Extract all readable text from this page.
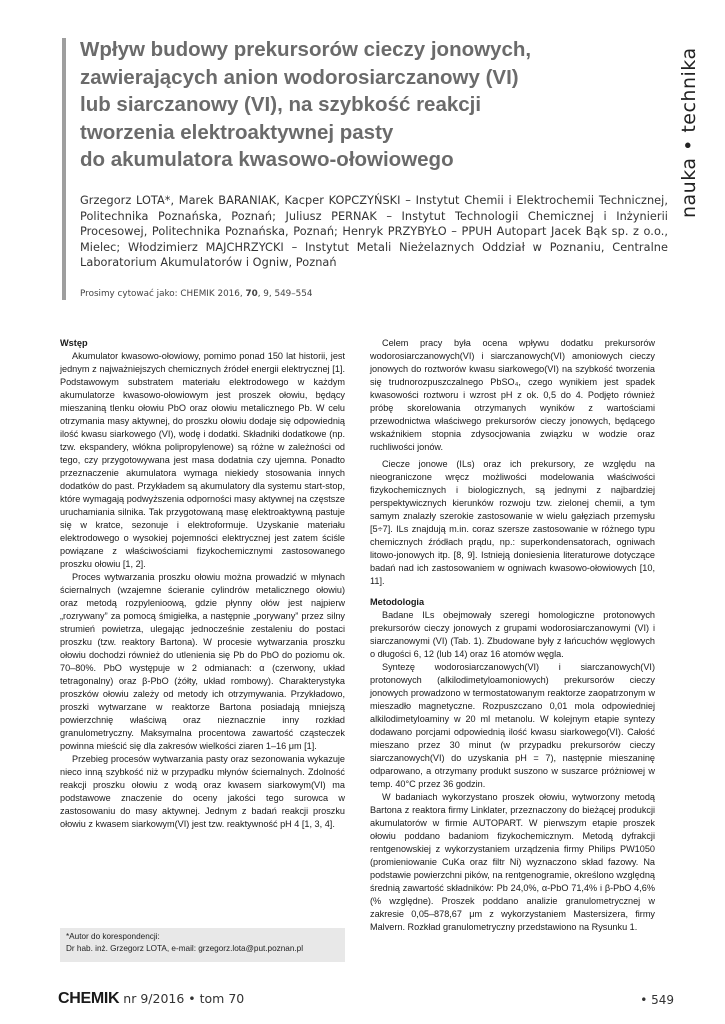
nauka • technika
Wpływ budowy prekursorów cieczy jonowych,
zawierających anion wodorosiarczanowy (VI)
lub siarczanowy (VI), na szybkość reakcji
tworzenia elektroaktywnej pasty
do akumulatora kwasowo-ołowiowego
Grzegorz LOTA*, Marek BARANIAK, Kacper KOPCZYŃSKI – Instytut Chemii i Elektrochemii Technicznej, Politechnika Poznańska, Poznań; Juliusz PERNAK – Instytut Technologii Chemicznej i Inżynierii Procesowej, Politechnika Poznańska, Poznań; Henryk PRZYBYŁO – PPUH Autopart Jacek Bąk sp. z o.o., Mielec; Włodzimierz MAJCHRZYCKI – Instytut Metali Nieżelaznych Oddział w Poznaniu, Centralne Laboratorium Akumulatorów i Ogniw, Poznań
Prosimy cytować jako: CHEMIK 2016, 70, 9, 549–554
Wstęp

Akumulator kwasowo-ołowiowy, pomimo ponad 150 lat historii, jest jednym z najważniejszych chemicznych źródeł energii elektrycznej [1]. Podstawowym substratem materiału elektrodowego w każdym akumulatorze kwasowo-ołowiowym jest proszek ołowiu, będący mieszaniną tlenku ołowiu PbO oraz ołowiu metalicznego Pb. W celu otrzymania masy aktywnej, do proszku ołowiu dodaje się odpowiednią ilość kwasu siarkowego (VI), wodę i dodatki. Składniki dodatkowe (np. tzw. ekspandery, włókna polipropylenowe) są różne w zależności od tego, czy przygotowywana jest masa dodatnia czy ujemna. Ponadto przeznaczenie akumulatora wymaga niekiedy stosowania innych dodatków do past. Przykładem są akumulatory dla systemu start-stop, które wymagają podwyższenia odporności masy aktywnej na częstsze uruchamiania silnika. Tak przygotowaną masę elektroaktywną pastuje się w kratce, sezonuje i elektroformuje. Uzyskanie materiału elektrodowego o wysokiej pojemności elektrycznej jest zatem ściśle powiązane z właściwościami fizykochemicznymi zastosowanego proszku ołowiu [1, 2].

Proces wytwarzania proszku ołowiu można prowadzić w młynach ściernalnych (wzajemne ścieranie cylindrów metalicznego ołowiu) oraz metodą rozpylenioową, gdzie płynny ołów jest najpierw „rozrywany” za pomocą śmigiełka, a następnie „porywany” przez silny strumień powietrza, ulegając jednocześnie zestaleniu do postaci proszku (tzw. reaktory Bartona). W procesie wytwarzania proszku ołowiu dochodzi również do utlenienia się Pb do PbO do poziomu ok. 70–80%. PbO występuje w 2 odmianach: α (czerwony, układ tetragonalny) oraz β-PbO (żółty, układ rombowy). Charakterystyka proszków ołowiu zależy od metody ich otrzymywania. Przykładowo, proszki wytwarzane w reaktorze Bartona posiadają mniejszą powierzchnię właściwą oraz nieznacznie inny rozkład granulometryczny. Maksymalna procentowa zawartość cząsteczek powinna mieścić się dla zakresów wielkości ziaren 1–16 μm [1].

Przebieg procesów wytwarzania pasty oraz sezonowania wykazuje nieco inną szybkość niż w przypadku młynów ściernalnych. Zdolność reakcji proszku ołowiu z wodą oraz kwasem siarkowym(VI) ma podstawowe znaczenie do oceny jakości tego surowca w zastosowaniu do masy aktywnej. Jednym z badań reakcji proszku ołowiu z kwasem siarkowym(VI) jest tzw. reaktywność pH 4 [1, 3, 4].

*Autor do korespondencji:
Dr hab. inż. Grzegorz LOTA, e-mail: grzegorz.lota@put.poznan.pl

Celem pracy była ocena wpływu dodatku prekursorów wodorosiarczanowych(VI) i siarczanowych(VI) amoniowych cieczy jonowych do roztworów kwasu siarkowego(VI) na szybkość tworzenia się trudnorozpuszczalnego PbSO₄, czego wynikiem jest spadek kwasowości roztworu i wzrost pH z ok. 0,5 do 4. Podjęto również próbę skorelowania otrzymanych wyników z wartościami przewodnictwa właściwego prekursorów cieczy jonowych, będącego wskaźnikiem stopnia zdysocjowania związku w wodzie oraz ruchliwości jonów.

Ciecze jonowe (ILs) oraz ich prekursory, ze względu na nieograniczone wręcz możliwości modelowania właściwości fizykochemicznych i biologicznych, są jednymi z najbardziej perspektywicznych kierunków rozwoju tzw. zielonej chemii, a tym samym znalazły szerokie zastosowanie w wielu gałęziach przemysłu [5÷7]. ILs znajdują m.in. coraz szersze zastosowanie w różnego typu chemicznych źródłach prądu, np.: superkondensatorach, ogniwach litowo-jonowych itp. [8, 9]. Istnieją doniesienia literaturowe dotyczące badań nad ich zastosowaniem w ogniwach kwasowo-ołowiowych [10, 11].

Metodologia

Badane ILs obejmowały szeregi homologiczne protonowych prekursorów cieczy jonowych z grupami wodorosiarczanowymi (VI) i siarczanowymi (VI) (Tab. 1). Zbudowane były z łańcuchów węglowych o długości 6, 12 (lub 14) oraz 16 atomów węgla.

Syntezę wodorosiarczanowych(VI) i siarczanowych(VI) protonowych (alkilodimetyloamoniowych) prekursorów cieczy jonowych prowadzono w termostatowanym reaktorze zaopatrzonym w mieszadło magnetyczne. Rozpuszczano 0,01 mola odpowiedniej alkilodimetyloaminy w 20 ml metanolu. W kolejnym etapie syntezy dodawano porcjami odpowiednią ilość kwasu siarkowego(VI). Całość mieszano przez 30 minut (w przypadku prekursorów cieczy siarczanowych(VI) do uzyskania pH = 7), następnie mieszaninę odparowano, a otrzymany produkt suszono w suszarce próżniowej w temp. 40°C przez 36 godzin.

W badaniach wykorzystano proszek ołowiu, wytworzony metodą Bartona z reaktora firmy Linklater, przeznaczony do bieżącej produkcji akumulatorów w firmie AUTOPART. W pierwszym etapie proszek ołowiu poddano badaniom fizykochemicznym. Metodą dyfrakcji rentgenowskiej z wykorzystaniem urządzenia firmy Philips PW1050 (promieniowanie CuKa oraz filtr Ni) wyznaczono skład fazowy. Na podstawie powierzchni pików, na rentgenogramie, określono względną średnią zawartość składników: Pb 24,0%, α-PbO 71,4% i β-PbO 4,6% (% względne). Proszek poddano analizie granulometrycznej w zakresie 0,05–878,67 μm z wykorzystaniem Mastersizera, firmy Malvern. Rozkład granulometryczny przedstawiono na Rysunku 1.

CHEMIK nr 9/2016 • tom 70	• 549
